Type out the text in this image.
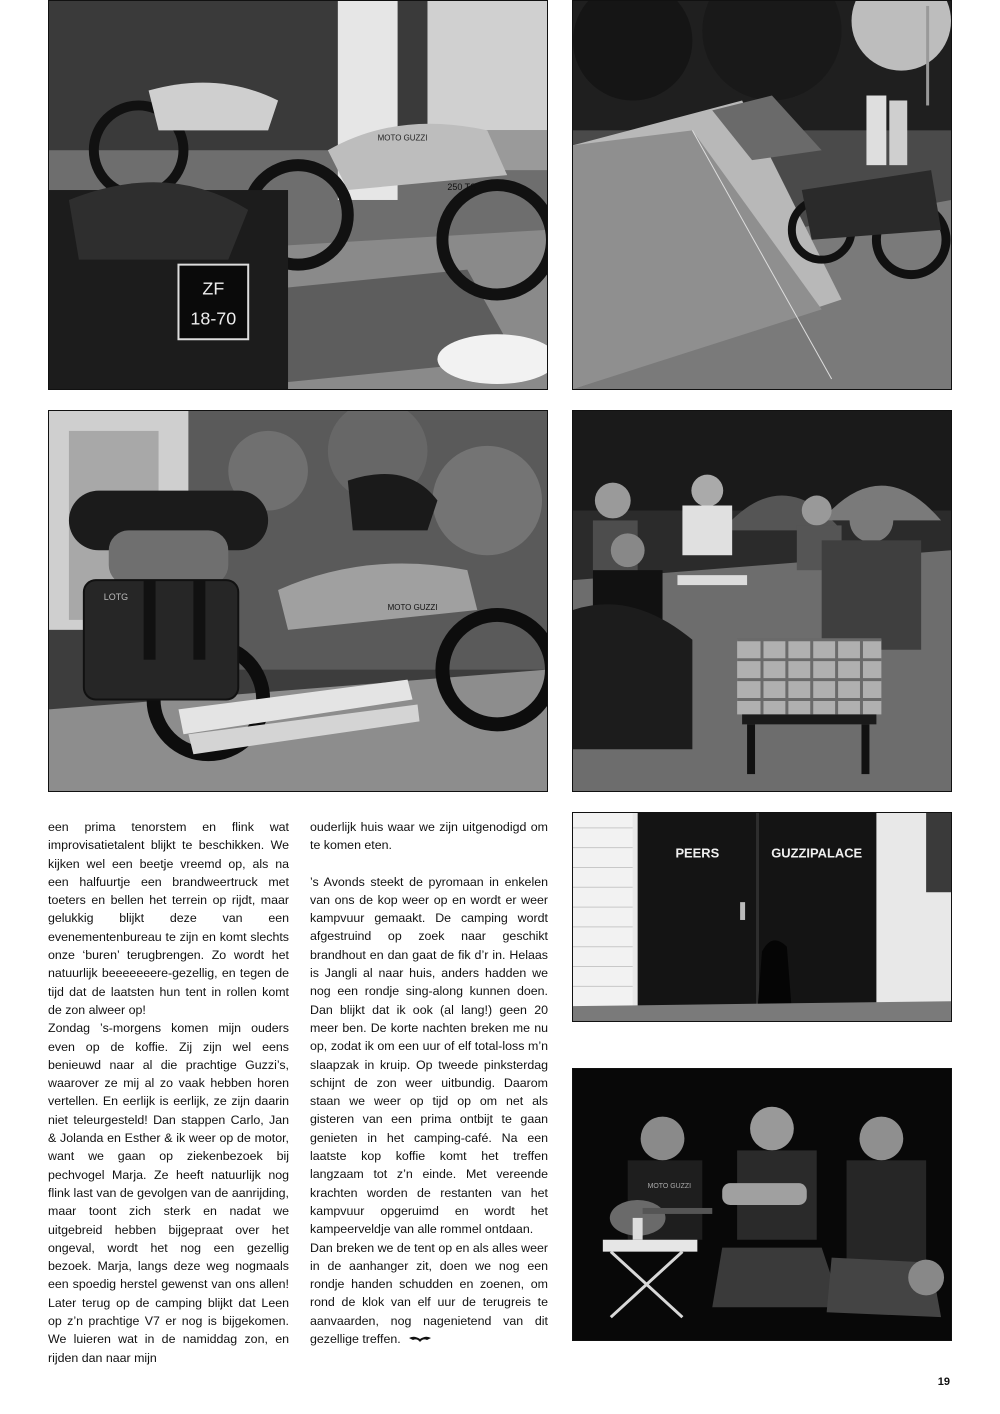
ZF
18-70
MOTO GUZZI
250 TS
LOTG
MOTO GUZZI
PEERS	GUZZIPALACE
MOTO GUZZI

een prima tenorstem en flink wat improvisatietalent blijkt te beschikken. We kijken wel een beetje vreemd op, als na een halfuurtje een brandweertruck met toeters en bellen het terrein op rijdt, maar gelukkig blijkt deze van een evenementenbureau te zijn en komt slechts onze ‘buren’ terugbrengen. Zo wordt het natuurlijk beeeeeeere-gezellig, en tegen de tijd dat de laatsten hun tent in rollen komt de zon alweer op!

Zondag ’s-morgens komen mijn ouders even op de koffie. Zij zijn wel eens benieuwd naar al die prachtige Guzzi’s, waarover ze mij al zo vaak hebben horen vertellen. En eerlijk is eerlijk, ze zijn daarin niet teleurgesteld! Dan stappen Carlo, Jan & Jolanda en Esther & ik weer op de motor, want we gaan op ziekenbezoek bij pechvogel Marja. Ze heeft natuurlijk nog flink last van de gevolgen van de aanrijding, maar toont zich sterk en nadat we uitgebreid hebben bijgepraat over het ongeval, wordt het nog een gezellig bezoek. Marja, langs deze weg nogmaals een spoedig herstel gewenst van ons allen! Later terug op de camping blijkt dat Leen op z’n prachtige V7 er nog is bijgekomen. We luieren wat in de namiddag zon, en rijden dan naar mijn

ouderlijk huis waar we zijn uitgenodigd om te komen eten.

’s Avonds steekt de pyromaan in enkelen van ons de kop weer op en wordt er weer kampvuur gemaakt. De camping wordt afgestruind op zoek naar geschikt brandhout en dan gaat de fik d’r in. Helaas is Jangli al naar huis, anders hadden we nog een rondje sing-along kunnen doen. Dan blijkt dat ik ook (al lang!) geen 20 meer ben. De korte nachten breken me nu op, zodat ik om een uur of elf total-loss m’n slaapzak in kruip. Op tweede pinksterdag schijnt de zon weer uitbundig. Daarom staan we weer op tijd op om net als gisteren van een prima ontbijt te gaan genieten in het camping-café. Na een laatste kop koffie komt het treffen langzaam tot z’n einde. Met vereende krachten worden de restanten van het kampvuur opgeruimd en wordt het kampeerveldje van alle rommel ontdaan.

Dan breken we de tent op en als alles weer in de aanhanger zit, doen we nog een rondje handen schudden en zoenen, om rond de klok van elf uur de terugreis te aanvaarden, nog nagenietend van dit gezellige treffen.

19
